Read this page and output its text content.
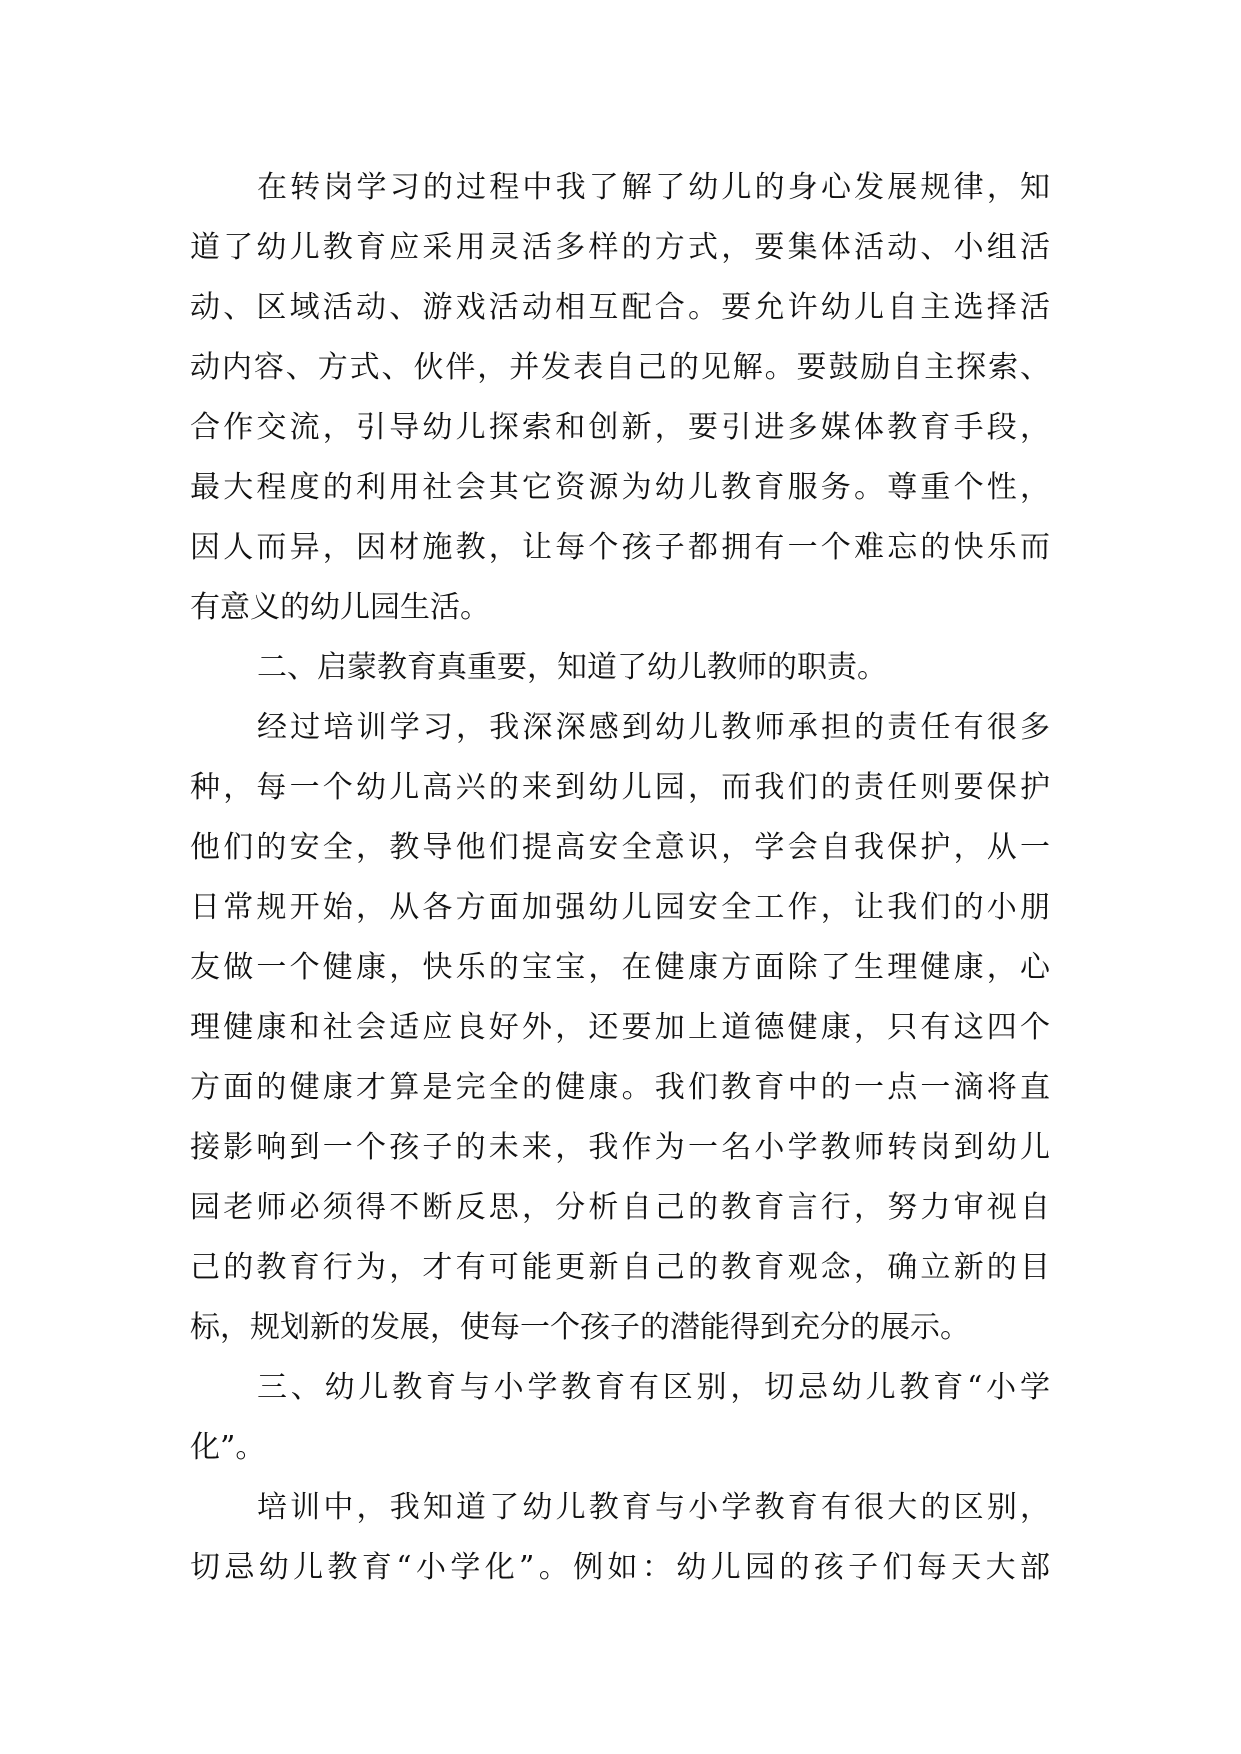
在转岗学习的过程中我了解了幼儿的身心发展规律，知
道了幼儿教育应采用灵活多样的方式，要集体活动、小组活
动、区域活动、游戏活动相互配合。要允许幼儿自主选择活
动内容、方式、伙伴，并发表自己的见解。要鼓励自主探索、
合作交流，引导幼儿探索和创新，要引进多媒体教育手段，
最大程度的利用社会其它资源为幼儿教育服务。尊重个性，
因人而异，因材施教，让每个孩子都拥有一个难忘的快乐而
有意义的幼儿园生活。
二、启蒙教育真重要，知道了幼儿教师的职责。
经过培训学习，我深深感到幼儿教师承担的责任有很多
种，每一个幼儿高兴的来到幼儿园，而我们的责任则要保护
他们的安全，教导他们提高安全意识，学会自我保护，从一
日常规开始，从各方面加强幼儿园安全工作，让我们的小朋
友做一个健康，快乐的宝宝，在健康方面除了生理健康，心
理健康和社会适应良好外，还要加上道德健康，只有这四个
方面的健康才算是完全的健康。我们教育中的一点一滴将直
接影响到一个孩子的未来，我作为一名小学教师转岗到幼儿
园老师必须得不断反思，分析自己的教育言行，努力审视自
己的教育行为，才有可能更新自己的教育观念，确立新的目
标，规划新的发展，使每一个孩子的潜能得到充分的展示。
三、幼儿教育与小学教育有区别，切忌幼儿教育“小学
化”。
培训中，我知道了幼儿教育与小学教育有很大的区别，
切忌幼儿教育“小学化”。例如：幼儿园的孩子们每天大部
